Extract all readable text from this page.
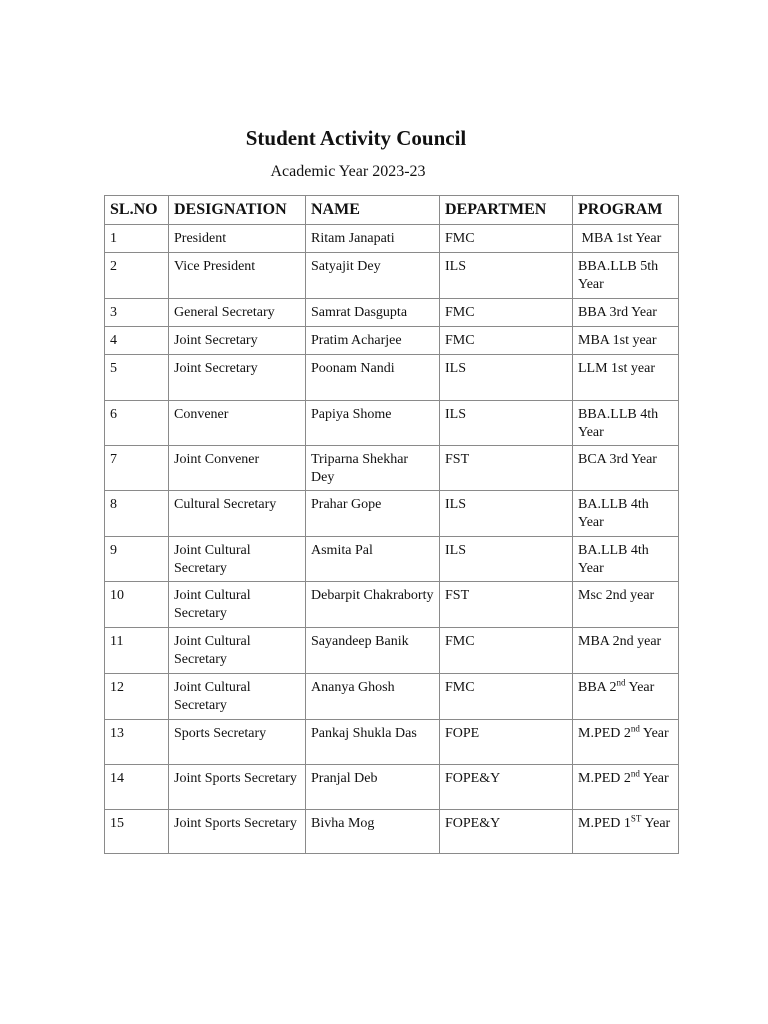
Student Activity Council

Academic Year 2023-23

SL.NO	DESIGNATION	NAME	DEPARTMEN	PROGRAM
1	President	Ritam Janapati	FMC	MBA 1st Year
2	Vice President	Satyajit Dey	ILS	BBA.LLB 5th Year
3	General Secretary	Samrat Dasgupta	FMC	BBA 3rd Year
4	Joint Secretary	Pratim Acharjee	FMC	MBA 1st year
5	Joint Secretary	Poonam Nandi	ILS	LLM 1st year
6	Convener	Papiya Shome	ILS	BBA.LLB 4th Year
7	Joint Convener	Triparna Shekhar Dey	FST	BCA 3rd Year
8	Cultural Secretary	Prahar Gope	ILS	BA.LLB 4th Year
9	Joint Cultural Secretary	Asmita Pal	ILS	BA.LLB 4th Year
10	Joint Cultural Secretary	Debarpit Chakraborty	FST	Msc 2nd year
11	Joint Cultural Secretary	Sayandeep Banik	FMC	MBA 2nd year
12	Joint Cultural Secretary	Ananya Ghosh	FMC	BBA 2nd Year
13	Sports Secretary	Pankaj Shukla Das	FOPE	M.PED 2nd Year
14	Joint Sports Secretary	Pranjal Deb	FOPE&Y	M.PED 2nd Year
15	Joint Sports Secretary	Bivha Mog	FOPE&Y	M.PED 1ST Year
